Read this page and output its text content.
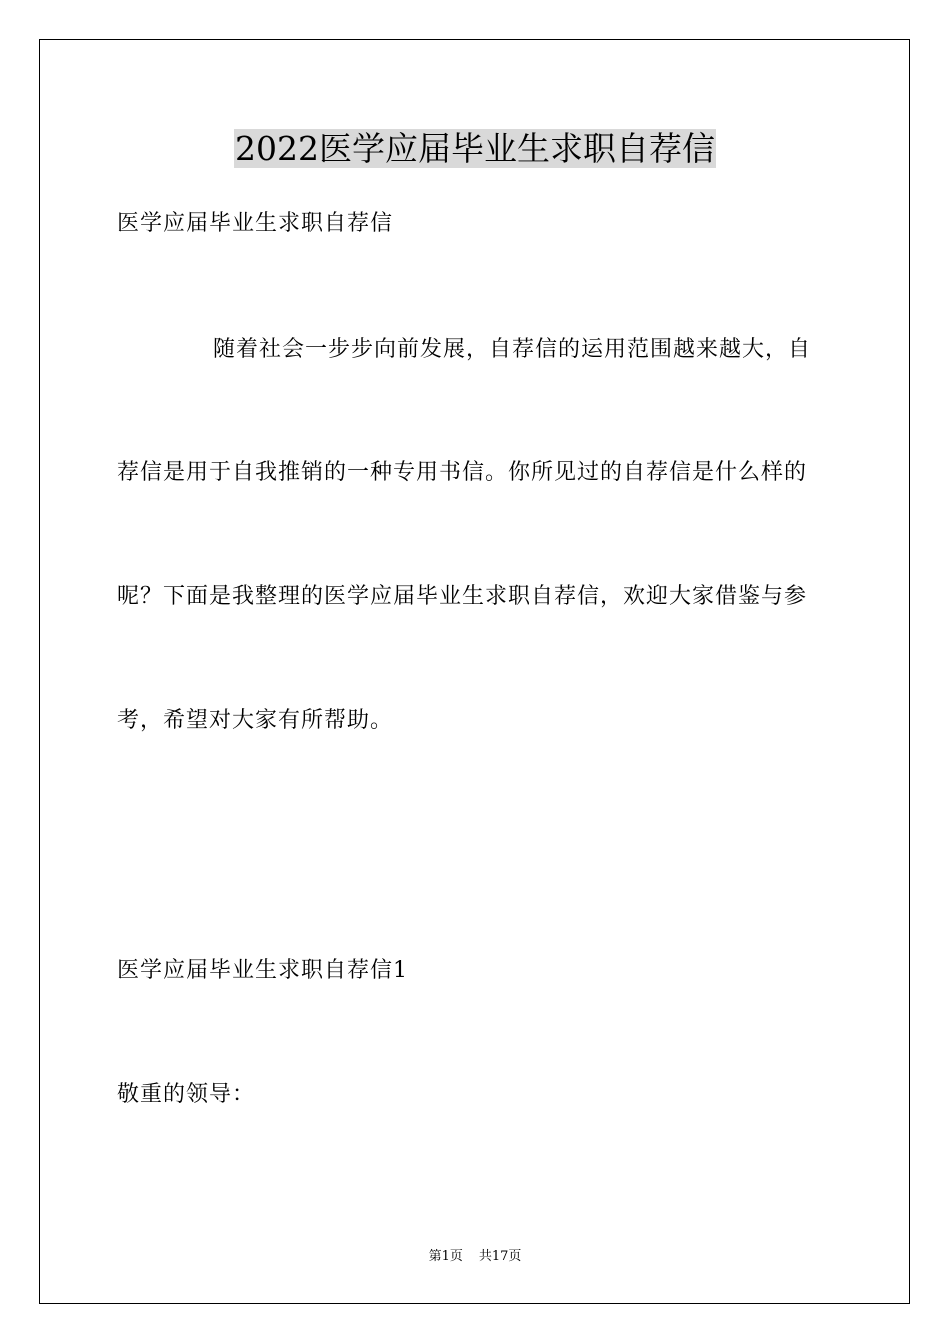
2022医学应届毕业生求职自荐信
医学应届毕业生求职自荐信
随着社会一步步向前发展，自荐信的运用范围越来越大，自
荐信是用于自我推销的一种专用书信。你所见过的自荐信是什么样的
呢？下面是我整理的医学应届毕业生求职自荐信，欢迎大家借鉴与参
考，希望对大家有所帮助。
医学应届毕业生求职自荐信1
敬重的领导：
第1页 共17页
